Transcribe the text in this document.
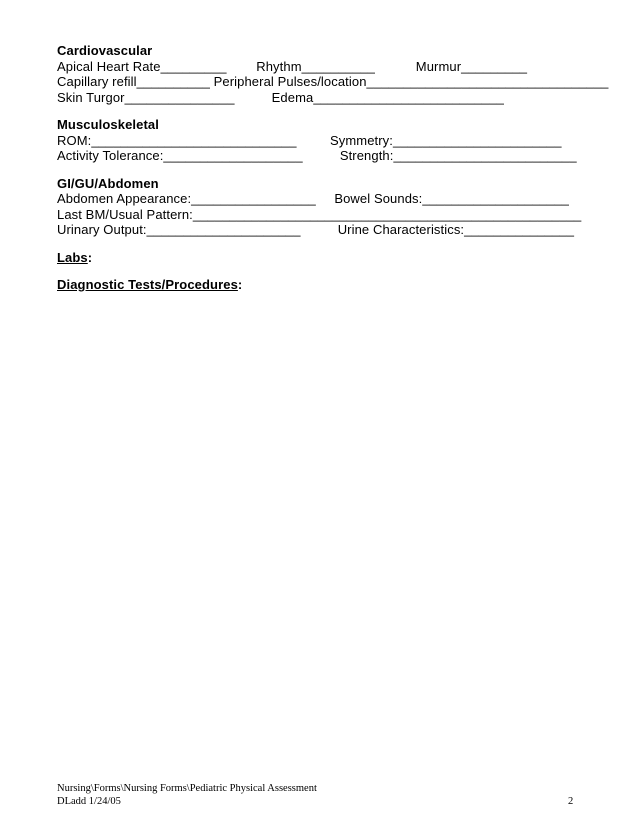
Cardiovascular
Apical Heart Rate_________        Rhythm__________           Murmur_________
Capillary refill__________ Peripheral Pulses/location_________________________________
Skin Turgor_______________          Edema__________________________
Musculoskeletal
ROM:____________________________         Symmetry:_______________________
Activity Tolerance:___________________          Strength:_________________________
GI/GU/Abdomen
Abdomen Appearance:_________________     Bowel Sounds:____________________
Last BM/Usual Pattern:_____________________________________________________
Urinary Output:_____________________          Urine Characteristics:_______________
Labs:
Diagnostic Tests/Procedures:
Nursing\Forms\Nursing Forms\Pediatric Physical Assessment
DLadd 1/24/05	2
